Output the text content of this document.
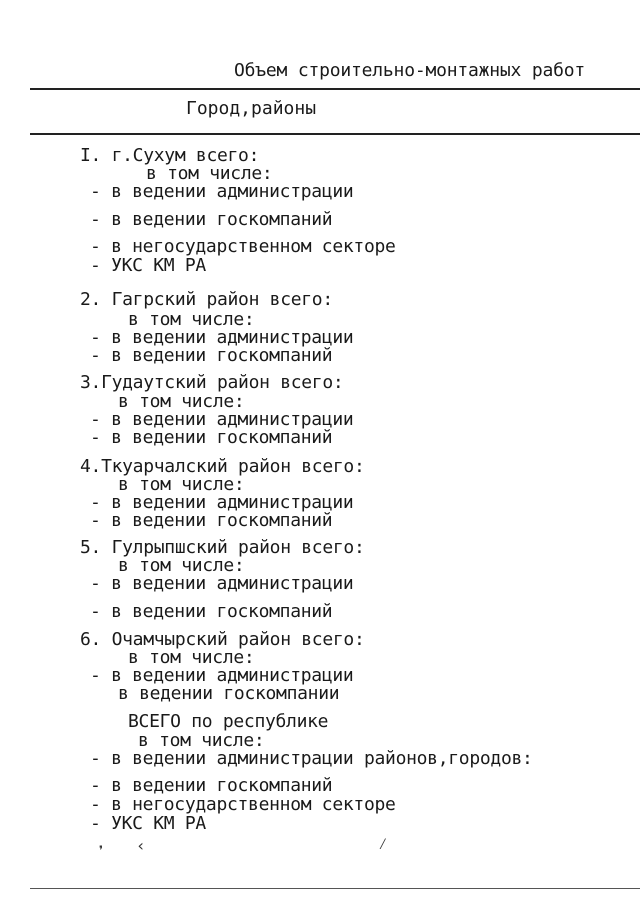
Объем строительно-монтажных работ
Город,районы
I. г.Сухум всего:
в том числе:
- в ведении администрации
- в ведении госкомпаний
- в негосударственном секторе
- УКС КМ РА
2. Гагрский район всего:
в том числе:
- в ведении администрации
- в ведении госкомпаний
3.Гудаутский район всего:
в том числе:
- в ведении администрации
- в ведении госкомпаний
4.Ткуарчалский район всего:
в том числе:
- в ведении администрации
- в ведении госкомпаний
5. Гулрыпшский район всего:
в том числе:
- в ведении администрации
- в ведении госкомпаний
6. Очамчырский район всего:
в том числе:
- в ведении администрации
в ведении госкомпании
ВСЕГО по республике
в том числе:
- в ведении администрации районов,городов:
- в ведении госкомпаний
- в негосударственном секторе
- УКС КМ РА
❜ ‹	⁄
